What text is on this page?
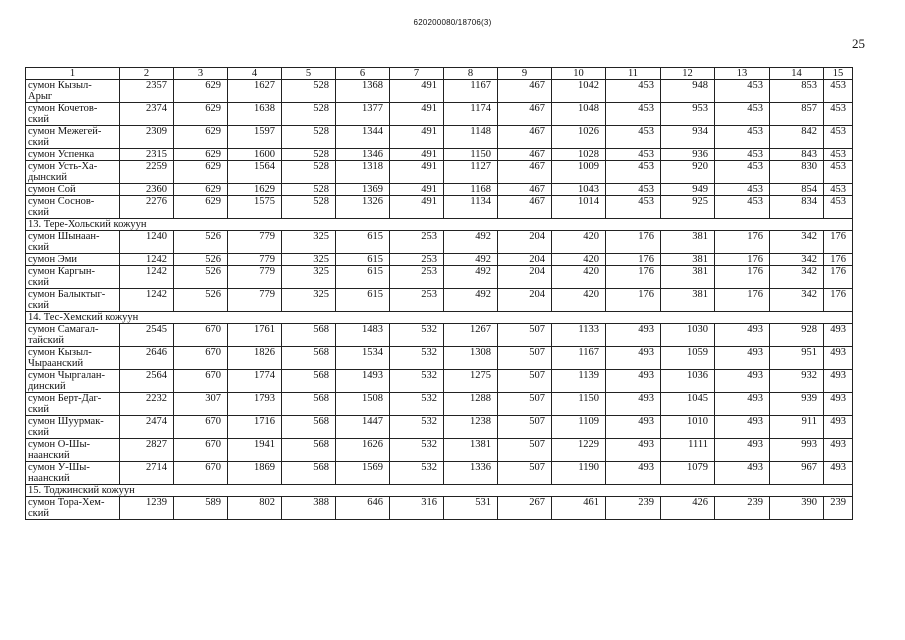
620200080/18706(3)
25
1	2	3	4	5	6	7	8	9	10	11	12	13	14	15
сумон Кызыл-
Арыг	2357	629	1627	528	1368	491	1167	467	1042	453	948	453	853	453
сумон Кочетов-
ский	2374	629	1638	528	1377	491	1174	467	1048	453	953	453	857	453
сумон Межегей-
ский	2309	629	1597	528	1344	491	1148	467	1026	453	934	453	842	453
сумон Успенка	2315	629	1600	528	1346	491	1150	467	1028	453	936	453	843	453
сумон Усть-Ха-
дынский	2259	629	1564	528	1318	491	1127	467	1009	453	920	453	830	453
сумон Сой	2360	629	1629	528	1369	491	1168	467	1043	453	949	453	854	453
сумон Соснов-
ский	2276	629	1575	528	1326	491	1134	467	1014	453	925	453	834	453
13. Тере-Хольский кожуун														
сумон Шынаан-
ский	1240	526	779	325	615	253	492	204	420	176	381	176	342	176
сумон Эми	1242	526	779	325	615	253	492	204	420	176	381	176	342	176
сумон Каргын-
ский	1242	526	779	325	615	253	492	204	420	176	381	176	342	176
сумон Балыктыг-
ский	1242	526	779	325	615	253	492	204	420	176	381	176	342	176
14. Тес-Хемский кожуун														
сумон Самагал-
тайский	2545	670	1761	568	1483	532	1267	507	1133	493	1030	493	928	493
сумон Кызыл-
Чыраанский	2646	670	1826	568	1534	532	1308	507	1167	493	1059	493	951	493
сумон Чыргалан-
динский	2564	670	1774	568	1493	532	1275	507	1139	493	1036	493	932	493
сумон Берт-Даг-
ский	2232	307	1793	568	1508	532	1288	507	1150	493	1045	493	939	493
сумон Шуурмак-
ский	2474	670	1716	568	1447	532	1238	507	1109	493	1010	493	911	493
сумон О-Шы-
наанский	2827	670	1941	568	1626	532	1381	507	1229	493	1111	493	993	493
сумон У-Шы-
наанский	2714	670	1869	568	1569	532	1336	507	1190	493	1079	493	967	493
15. Тоджинский кожуун														
сумон Тора-Хем-
ский	1239	589	802	388	646	316	531	267	461	239	426	239	390	239
